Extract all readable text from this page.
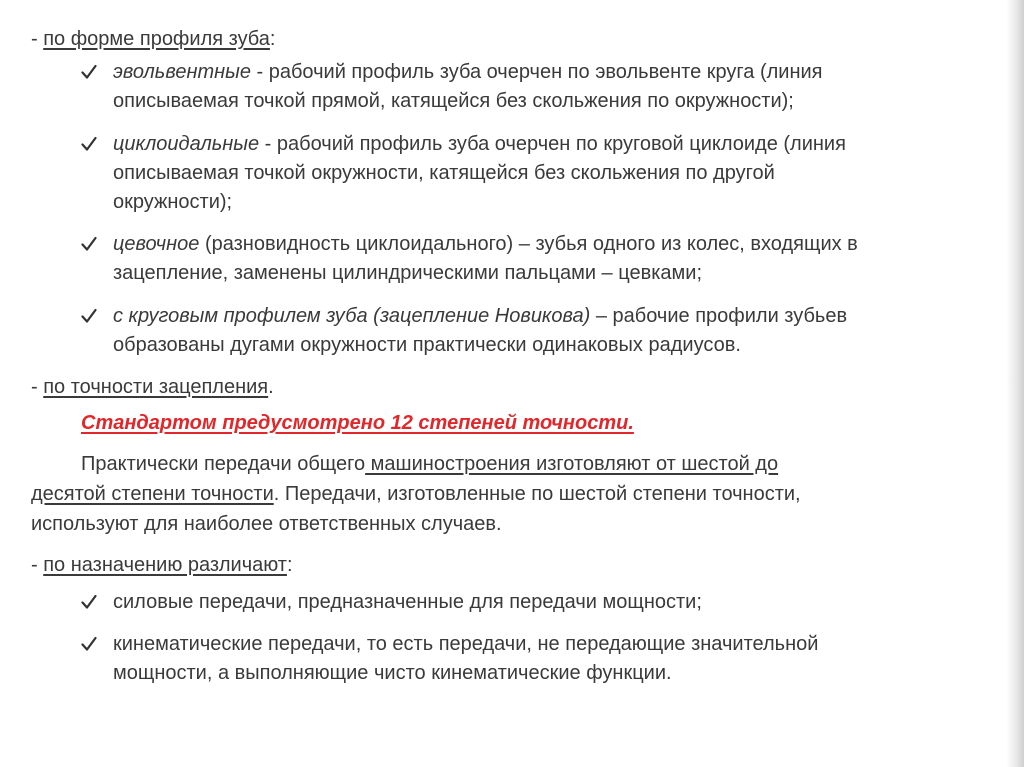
- по форме профиля зуба:
эвольвентные - рабочий профиль зуба очерчен по эвольвенте круга (линия
описываемая точкой прямой, катящейся без скольжения по окружности);
циклоидальные - рабочий профиль зуба очерчен по круговой циклоиде (линия
описываемая точкой окружности, катящейся без скольжения по другой
окружности);
цевочное (разновидность циклоидального) – зубья одного из колес, входящих в
зацепление, заменены цилиндрическими пальцами – цевками;
с круговым профилем зуба (зацепление Новикова) – рабочие профили зубьев
образованы дугами окружности практически одинаковых радиусов.
- по точности зацепления.
Стандартом предусмотрено 12 степеней точности.
Практически передачи общего машиностроения изготовляют от шестой до
десятой степени точности. Передачи, изготовленные по шестой степени точности,
используют для наиболее ответственных случаев.
- по назначению различают:
силовые передачи, предназначенные для передачи мощности;
кинематические передачи, то есть передачи, не передающие значительной
мощности, а выполняющие чисто кинематические функции.
